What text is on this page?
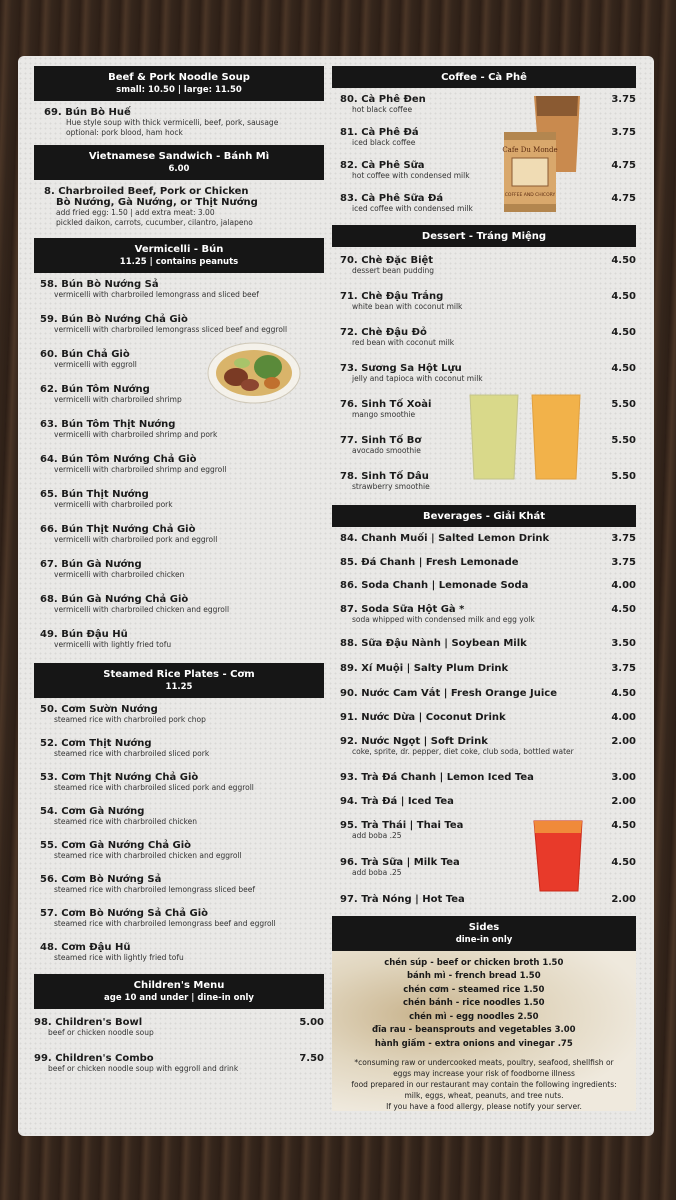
Beef & Pork Noodle Soup
small: 10.50 | large: 11.50
69. Bún Bò Huế
Hue style soup with thick vermicelli, beef, pork, sausage
optional: pork blood, ham hock
Vietnamese Sandwich - Bánh Mì
6.00
8. Charbroiled Beef, Pork or Chicken
Bò Nướng, Gà Nướng, or Thịt Nướng
add fried egg: 1.50 | add extra meat: 3.00
pickled daikon, carrots, cucumber, cilantro, jalapeno
Vermicelli - Bún
11.25 | contains peanuts
58. Bún Bò Nướng Sả
vermicelli with charbroiled lemongrass and sliced beef
59. Bún Bò Nướng Chả Giò
vermicelli with charbroiled lemongrass sliced beef and eggroll
60. Bún Chả Giò
vermicelli with eggroll
62. Bún Tôm Nướng
vermicelli with charbroiled shrimp
63. Bún Tôm Thịt Nướng
vermicelli with charbroiled shrimp and pork
64. Bún Tôm Nướng Chả Giò
vermicelli with charbroiled shrimp and eggroll
65. Bún Thịt Nướng
vermicelli with charbroiled pork
66. Bún Thịt Nướng Chả Giò
vermicelli with charbroiled pork and eggroll
67. Bún Gà Nướng
vermicelli with charbroiled chicken
68. Bún Gà Nướng Chả Giò
vermicelli with charbroiled chicken and eggroll
49. Bún Đậu Hũ
vermicelli with lightly fried tofu
Steamed Rice Plates - Cơm
11.25
50. Cơm Sườn Nướng
steamed rice with charbroiled pork chop
52. Cơm Thịt Nướng
steamed rice with charbroiled sliced pork
53. Cơm Thịt Nướng Chả Giò
steamed rice with charbroiled sliced pork and eggroll
54. Cơm Gà Nướng
steamed rice with charbroiled chicken
55. Cơm Gà Nướng Chả Giò
steamed rice with charbroiled chicken and eggroll
56. Cơm Bò Nướng Sả
steamed rice with charbroiled lemongrass sliced beef
57. Cơm Bò Nướng Sả Chả Giò
steamed rice with charbroiled lemongrass beef and eggroll
48. Cơm Đậu Hũ
steamed rice with lightly fried tofu
Children's Menu
age 10 and under | dine-in only
98. Children's Bowl
beef or chicken noodle soup
5.00
99. Children's Combo
beef or chicken noodle soup with eggroll and drink
7.50
Coffee - Cà Phê
80. Cà Phê Đen
hot black coffee
3.75
81. Cà Phê Đá
iced black coffee
3.75
82. Cà Phê Sữa
hot coffee with condensed milk
4.75
83. Cà Phê Sữa Đá
iced coffee with condensed milk
4.75
Cafe Du Monde
COFFEE AND CHICORY
Dessert - Tráng Miệng
70. Chè Đặc Biệt
dessert bean pudding
4.50
71. Chè Đậu Trắng
white bean with coconut milk
4.50
72. Chè Đậu Đỏ
red bean with coconut milk
4.50
73. Sương Sa Hột Lựu
jelly and tapioca with coconut milk
4.50
76. Sinh Tố Xoài
mango smoothie
5.50
77. Sinh Tố Bơ
avocado smoothie
5.50
78. Sinh Tố Dâu
strawberry smoothie
5.50
Beverages - Giải Khát
84. Chanh Muối | Salted Lemon Drink	3.75
85. Đá Chanh | Fresh Lemonade	3.75
86. Soda Chanh | Lemonade Soda	4.00
87. Soda Sữa Hột Gà *
soda whipped with condensed milk and egg yolk
4.50
88. Sữa Đậu Nành | Soybean Milk	3.50
89. Xí Muội | Salty Plum Drink	3.75
90. Nước Cam Vắt | Fresh Orange Juice	4.50
91. Nước Dừa | Coconut Drink	4.00
92. Nước Ngọt | Soft Drink
coke, sprite, dr. pepper, diet coke, club soda, bottled water
2.00
93. Trà Đá Chanh | Lemon Iced Tea	3.00
94. Trà Đá | Iced Tea	2.00
95. Trà Thái | Thai Tea
add boba .25
4.50
96. Trà Sữa | Milk Tea
add boba .25
4.50
97. Trà Nóng | Hot Tea	2.00
Sides
dine-in only
chén súp - beef or chicken broth 1.50
bánh mì - french bread 1.50
chén cơm - steamed rice 1.50
chén bánh - rice noodles 1.50
chén mì - egg noodles 2.50
đĩa rau - beansprouts and vegetables 3.00
hành giấm - extra onions and vinegar .75
*consuming raw or undercooked meats, poultry, seafood, shellfish or
eggs may increase your risk of foodborne illness
food prepared in our restaurant may contain the following ingredients:
milk, eggs, wheat, peanuts, and tree nuts.
If you have a food allergy, please notify your server.
